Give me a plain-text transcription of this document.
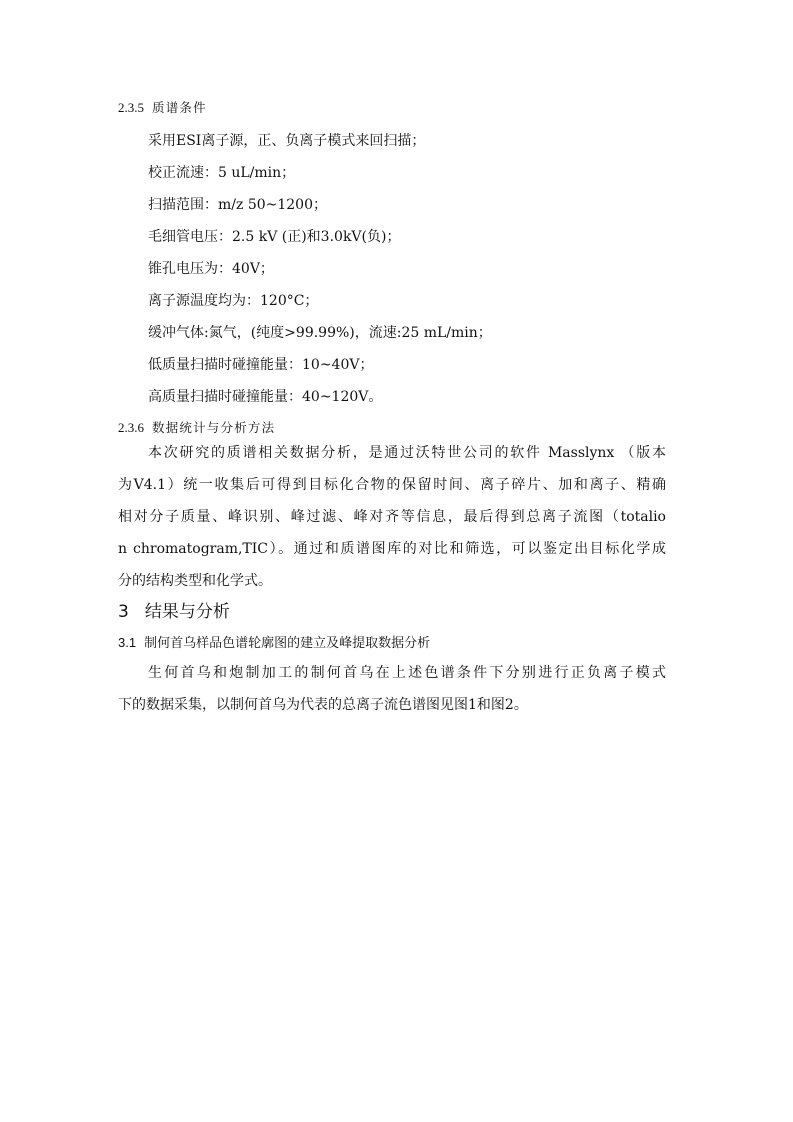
2.3.5 质谱条件
采用ESI离子源，正、负离子模式来回扫描；
校正流速：5 uL/min；
扫描范围：m/z 50~1200；
毛细管电压：2.5 kV (正)和3.0kV(负)；
锥孔电压为：40V；
离子源温度均为：120°C；
缓冲气体:氮气，(纯度>99.99%)，流速:25 mL/min；
低质量扫描时碰撞能量：10~40V；
高质量扫描时碰撞能量：40~120V。
2.3.6 数据统计与分析方法
本次研究的质谱相关数据分析，是通过沃特世公司的软件 Masslynx （版本
为V4.1）统一收集后可得到目标化合物的保留时间、离子碎片、加和离子、精确
相对分子质量、峰识别、峰过滤、峰对齐等信息，最后得到总离子流图（totalio
n chromatogram,TIC）。通过和质谱图库的对比和筛选，可以鉴定出目标化学成
分的结构类型和化学式。
3 结果与分析
3.1 制何首乌样品色谱轮廓图的建立及峰提取数据分析
生何首乌和炮制加工的制何首乌在上述色谱条件下分别进行正负离子模式
下的数据采集，以制何首乌为代表的总离子流色谱图见图1和图2。
